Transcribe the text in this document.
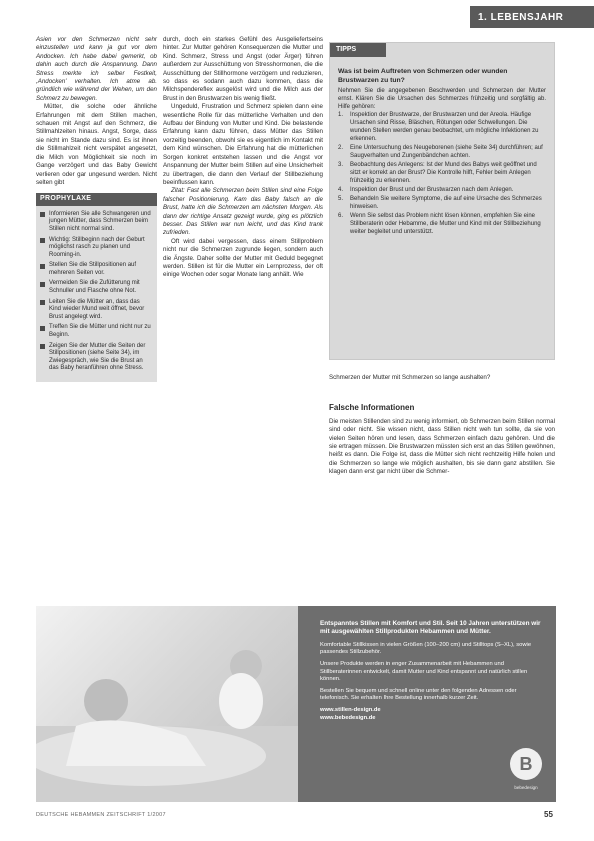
1. LEBENSJAHR

Asien vor den Schmerzen nicht sehr einzustellen und kann ja gut vor dem Andocken. Ich habe dabei gemerkt, ob dahin auch durch die Anspannung. Dann Stress merkte ich selber Festkeit, ,Andocken' verhalten. Ich atme ab. gründlich wie während der Wehen, um den Schmerz zu bewegen.

Mütter, die solche oder ähnliche Erfahrungen mit dem Stillen machen, schauen mit Angst auf den Schmerz, die Stillmahlzeiten hinaus. Angst, Sorge, dass sie nicht im Stande dazu sind. Es ist ihnen die Stillmahlzeit nicht verspätet angesetzt, die Milch von Möglichkeit sie noch im Gange verzögert und das Baby Gewicht verlieren oder gar ungesund werden. Nicht selten gibt

PROPHYLAXE
Informieren Sie alle Schwangeren und jungen Mütter, dass Schmerzen beim Stillen nicht normal sind.
Wichtig: Stillbeginn nach der Geburt möglichst rasch zu planen und Rooming-in.
Stellen Sie die Stillpositionen auf mehreren Seiten vor.
Vermeiden Sie die Zufütterung mit Schnuller und Flasche ohne Not.
Leiten Sie die Mütter an, dass das Kind wieder Mund weit öffnet, bevor Brust angelegt wird.
Treffen Sie die Mütter und nicht nur zu Beginn.
Zeigen Sie der Mutter die Seiten der Stillpositionen (siehe Seite 34), im Zwiegespräch, wie Sie die Brust an das Baby heranführen ohne Stress.

durch, doch ein starkes Gefühl des Ausgeliefertseins hinter. Zur Mutter gehören Konsequenzen die Mutter und Kind. Schmerz, Stress und Angst (oder Ärger) führen außerdem zur Ausschüttung von Stresshormonen, die die Ausschüttung der Stillhormone verzögern und reduzieren, so dass es sodann auch dazu kommen, dass die Milchspendereflex ausgelöst wird und die Milch aus der Brust in den Brustwarzen bis wenig fließt.

Ungeduld, Frustration und Schmerz spielen dann eine wesentliche Rolle für das mütterliche Verhalten und den Aufbau der Bindung von Mutter und Kind. Die belastende Erfahrung kann dazu führen, dass Mütter das Stillen vorzeitig beenden, obwohl sie es eigentlich im Kontakt mit dem Kind wünschen. Die Erfahrung hat die mütterlichen Sorgen konkret entstehen lassen und die Angst vor Anspannung der Mutter beim Stillen auf eine Unsicherheit zu übertragen, die dann den Verlauf der Stillbeziehung beeinflussen kann.

Zitat: Fast alle Schmerzen beim Stillen sind eine Folge falscher Positionierung. Kam das Baby falsch an die Brust, hatte ich die Schmerzen am nächsten Morgen. Als dann der richtige Ansatz gezeigt wurde, ging es plötzlich besser. Das Stillen war nun leicht, und das Kind trank zufrieden.

Oft wird dabei vergessen, dass einem Stillproblem nicht nur die Schmerzen zugrunde liegen, sondern auch die Ängste. Daher sollte der Mutter mit Geduld begegnet werden. Stillen ist für die Mutter ein Lernprozess, der oft einige Wochen oder sogar Monate lang anhält. Wie

TIPPS
Was ist beim Auftreten von Schmerzen oder wunden Brustwarzen zu tun?

Nehmen Sie die angegebenen Beschwerden und Schmerzen der Mutter ernst. Klären Sie die Ursachen des Schmerzes frühzeitig und sorgfältig ab. Hilfe gehören:

1.	Inspektion der Brustwarze, der Brustwarzen und der Areola. Häufige Ursachen sind Risse, Bläschen, Rötungen oder Schwellungen. Die wunden Stellen werden genau beobachtet, um mögliche Infektionen zu erkennen.
2.	Eine Untersuchung des Neugeborenen (siehe Seite 34) durchführen; auf Saugverhalten und Zungenbändchen achten.
3.	Beobachtung des Anlegens: Ist der Mund des Babys weit geöffnet und sitzt er korrekt an der Brust? Die Kontrolle hilft, Fehler beim Anlegen frühzeitig zu erkennen.
4.	Inspektion der Brust und der Brustwarzen nach dem Anlegen.
5.	Behandeln Sie weitere Symptome, die auf eine Ursache des Schmerzes hinweisen.
6.	Wenn Sie selbst das Problem nicht lösen können, empfehlen Sie eine Stillberaterin oder Hebamme, die Mutter und Kind mit der Stillbeziehung weiter begleitet und unterstützt.

Schmerzen der Mutter mit Schmerzen so lange aushalten?

Falsche Informationen

Die meisten Stillenden sind zu wenig informiert, ob Schmerzen beim Stillen normal sind oder nicht. Sie wissen nicht, dass Stillen nicht weh tun sollte, da sie von vielen Seiten hören und lesen, dass Schmerzen einfach dazu gehören. Und die sie ertragen müssen. Die Brustwarzen müssten sich erst an das Stillen gewöhnen, heißt es dann. Die Folge ist, dass die Mütter sich nicht rechtzeitig Hilfe holen und die Schmerzen so lange wie möglich aushalten, bis sie dann ganz abstillen. Sie klagen dann erst gar nicht über die Schmer-

Entspanntes Stillen mit Komfort und Stil. Seit 10 Jahren unterstützen wir mit ausgewählten Stillprodukten Hebammen und Mütter.

Komfortable Stillkissen in vielen Größen (100–200 cm) und Stilltops (S–XL), sowie passendes Stillzubehör.

Unsere Produkte werden in enger Zusammenarbeit mit Hebammen und Stillberaterinnen entwickelt, damit Mutter und Kind entspannt und natürlich stillen können.

Bestellen Sie bequem und schnell online unter den folgenden Adressen oder telefonisch. Sie erhalten Ihre Bestellung innerhalb kurzer Zeit.

www.stillen-design.de
www.bebedesign.de
B
bebedesign
DEUTSCHE HEBAMMEN ZEITSCHRIFT 1/2007	55
